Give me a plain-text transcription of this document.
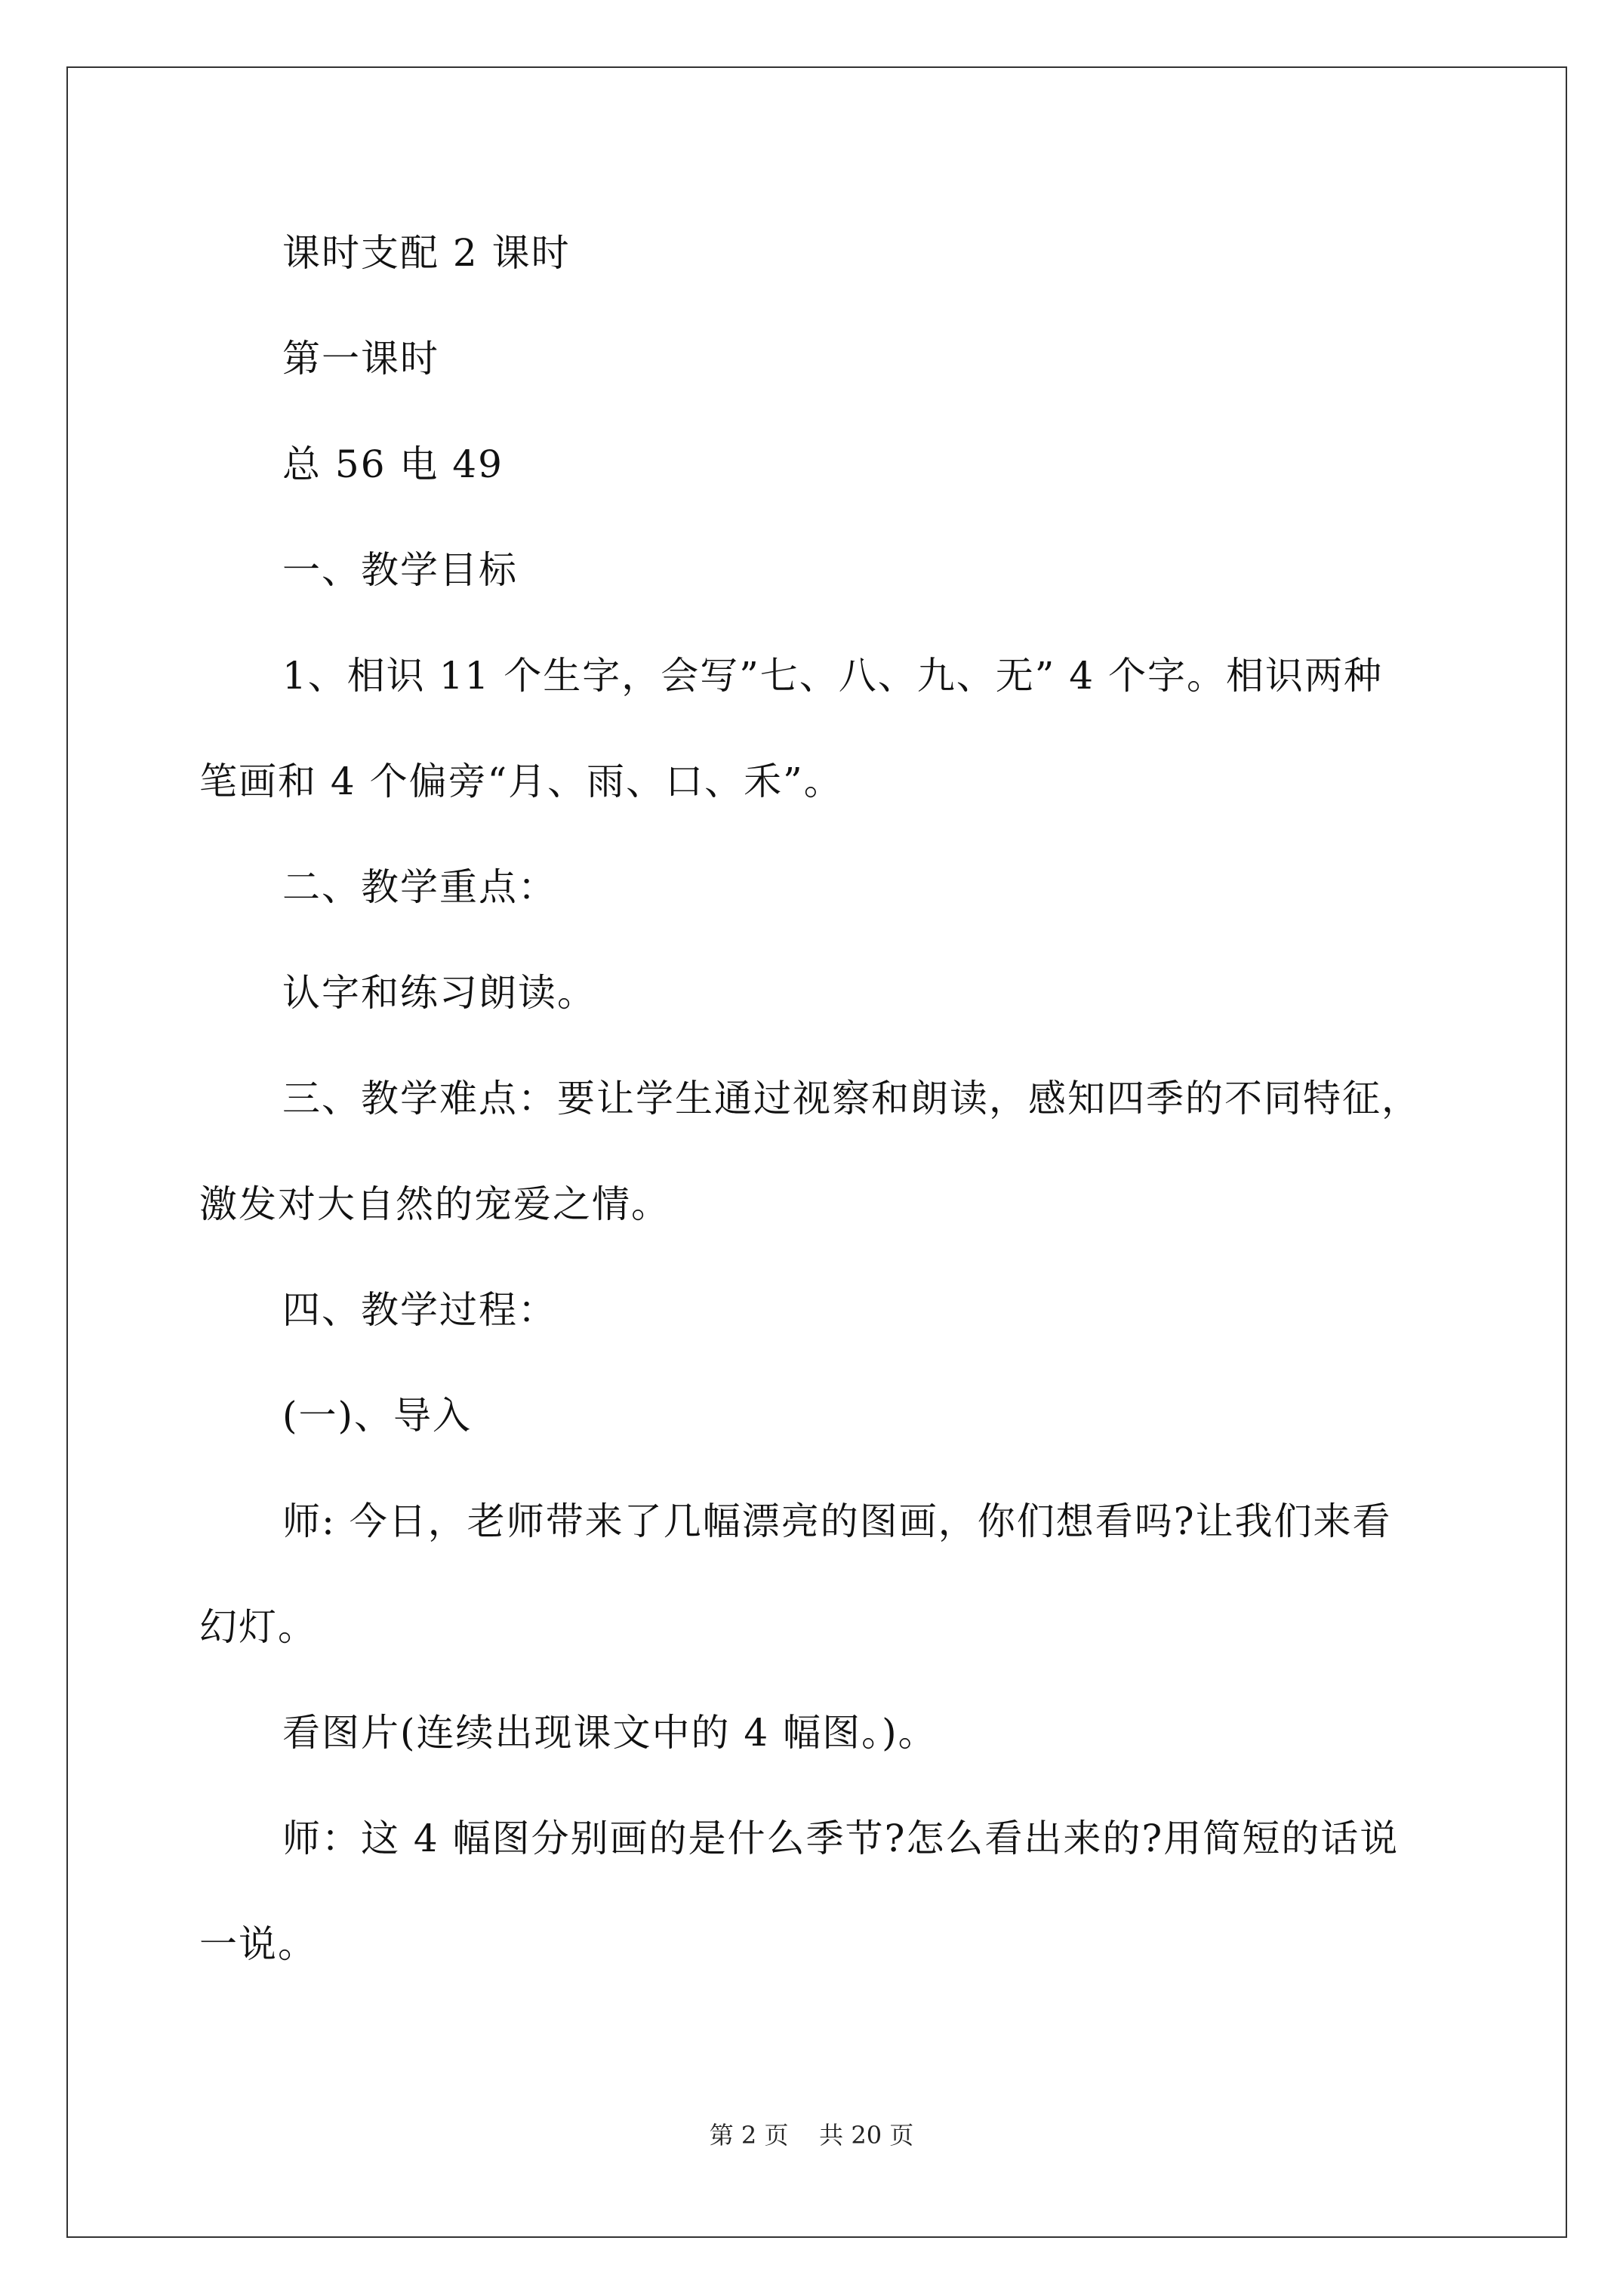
课时支配 2 课时
第一课时
总 56 电 49
一、教学目标
1、相识 11 个生字，会写”七、八、九、无” 4 个字。相识两种
笔画和 4 个偏旁“月、雨、口、禾”。
二、教学重点：
认字和练习朗读。
三、教学难点：要让学生通过视察和朗读，感知四季的不同特征，
激发对大自然的宠爱之情。
四、教学过程：
(一)、导入
师: 今日，老师带来了几幅漂亮的图画，你们想看吗?让我们来看
幻灯。
看图片(连续出现课文中的 4 幅图。)。
师：这 4 幅图分别画的是什么季节?怎么看出来的?用简短的话说
一说。
第 2 页 共 20 页
